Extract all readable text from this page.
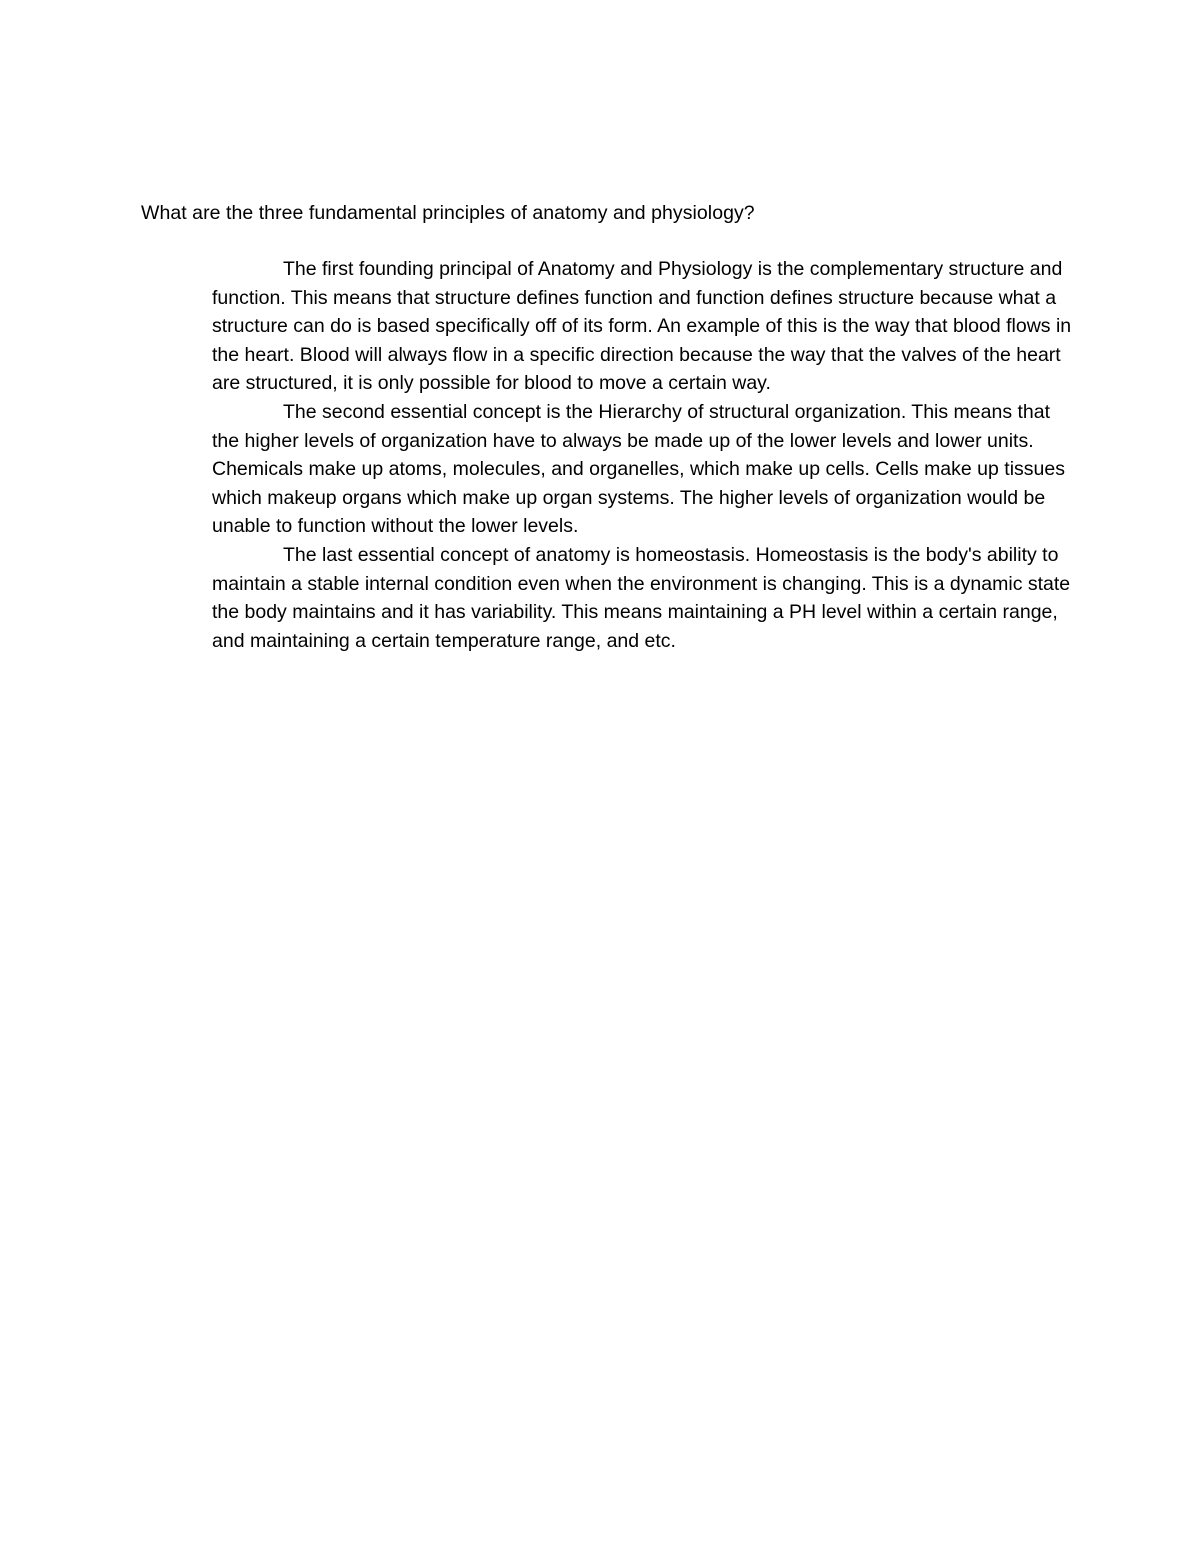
What are the three fundamental principles of anatomy and physiology?

The first founding principal of Anatomy and Physiology is the complementary structure and function. This means that structure defines function and function defines structure because what a structure can do is based specifically off of its form. An example of this is the way that blood flows in the heart. Blood will always flow in a specific direction because the way that the valves of the heart are structured, it is only possible for blood to move a certain way.

The second essential concept is the Hierarchy of structural organization. This means that the higher levels of organization have to always be made up of the lower levels and lower units. Chemicals make up atoms, molecules, and organelles, which make up cells. Cells make up tissues which makeup organs which make up organ systems. The higher levels of organization would be unable to function without the lower levels.

The last essential concept of anatomy is homeostasis. Homeostasis is the body's ability to maintain a stable internal condition even when the environment is changing. This is a dynamic state the body maintains and it has variability. This means maintaining a PH level within a certain range, and maintaining a certain temperature range, and etc.
